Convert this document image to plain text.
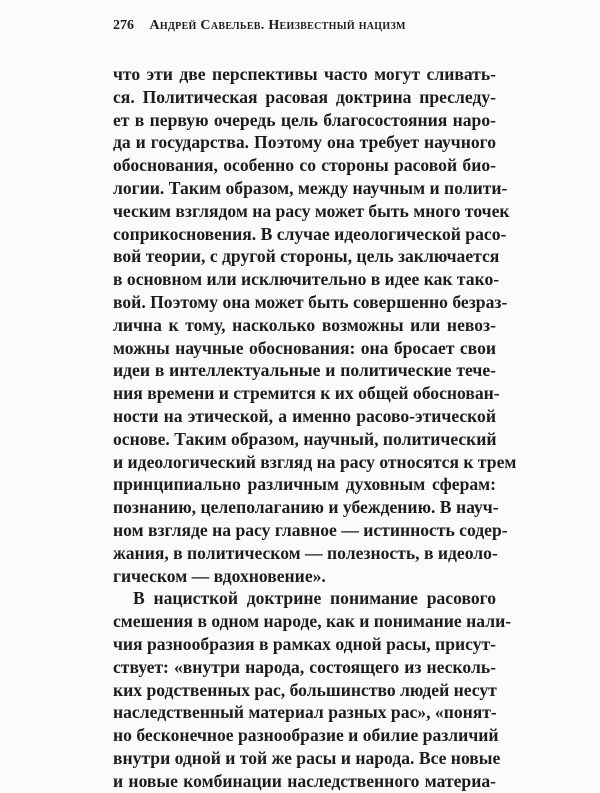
276 Андрей Савельев. Неизвестный нацизм
что эти две перспективы часто могут сливать-
ся. Политическая расовая доктрина преследу-
ет в первую очередь цель благосостояния наро-
да и государства. Поэтому она требует научного
обоснования, особенно со стороны расовой био-
логии. Таким образом, между научным и полити-
ческим взглядом на расу может быть много точек
соприкосновения. В случае идеологической расо-
вой теории, с другой стороны, цель заключается
в основном или исключительно в идее как тако-
вой. Поэтому она может быть совершенно безраз-
лична к тому, насколько возможны или невоз-
можны научные обоснования: она бросает свои
идеи в интеллектуальные и политические тече-
ния времени и стремится к их общей обоснован-
ности на этической, а именно расово-этической
основе. Таким образом, научный, политический
и идеологический взгляд на расу относятся к трем
принципиально различным духовным сферам:
познанию, целеполаганию и убеждению. В науч-
ном взгляде на расу главное — истинность содер-
жания, в политическом — полезность, в идеоло-
гическом — вдохновение».
В нацисткой доктрине понимание расового
смешения в одном народе, как и понимание нали-
чия разнообразия в рамках одной расы, присут-
ствует: «внутри народа, состоящего из несколь-
ких родственных рас, большинство людей несут
наследственный материал разных рас», «понят-
но бесконечное разнообразие и обилие различий
внутри одной и той же расы и народа. Все новые
и новые комбинации наследственного материа-
